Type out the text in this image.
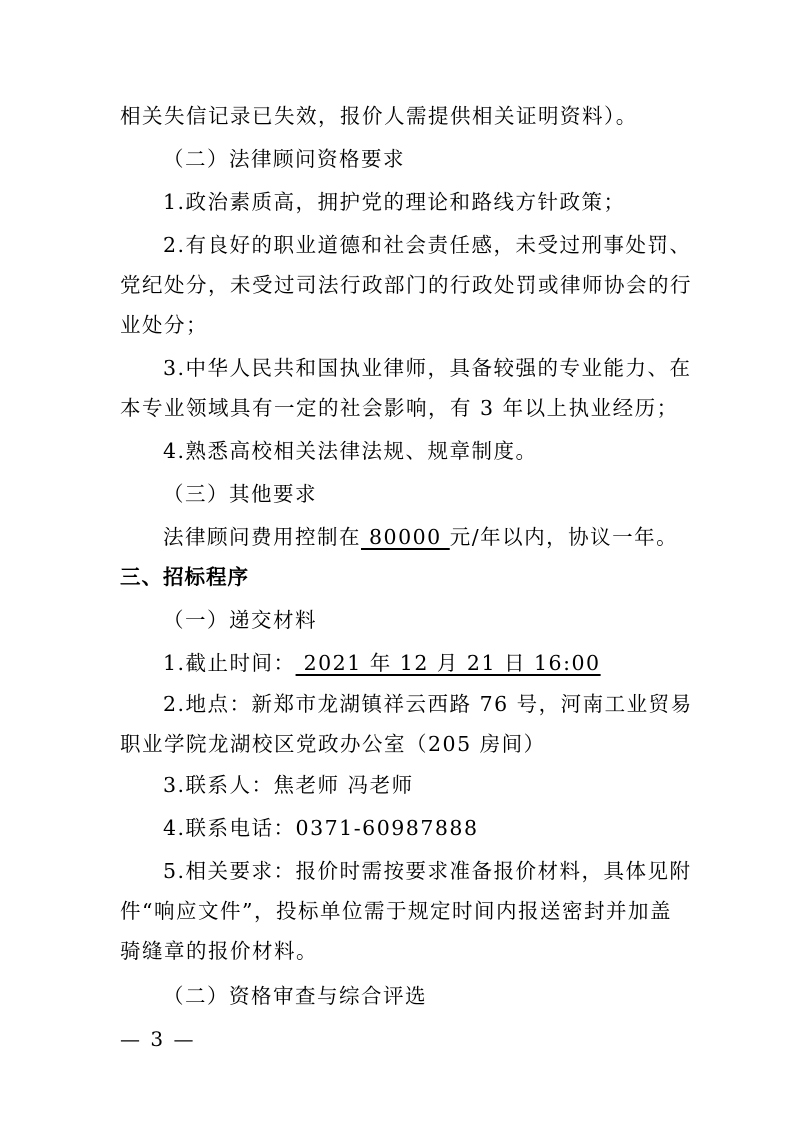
相关失信记录已失效，报价人需提供相关证明资料）。
（二）法律顾问资格要求
1.政治素质高，拥护党的理论和路线方针政策；
2.有良好的职业道德和社会责任感，未受过刑事处罚、
党纪处分，未受过司法行政部门的行政处罚或律师协会的行
业处分；
3.中华人民共和国执业律师，具备较强的专业能力、在
本专业领域具有一定的社会影响，有 3 年以上执业经历；
4.熟悉高校相关法律法规、规章制度。
（三）其他要求
法律顾问费用控制在 80000 元/年以内，协议一年。
三、招标程序
（一）递交材料
1.截止时间： 2021 年 12 月 21 日 16:00
2.地点：新郑市龙湖镇祥云西路 76 号，河南工业贸易
职业学院龙湖校区党政办公室（205 房间）
3.联系人：焦老师 冯老师
4.联系电话：0371-60987888
5.相关要求：报价时需按要求准备报价材料，具体见附
件“响应文件”，投标单位需于规定时间内报送密封并加盖
骑缝章的报价材料。
（二）资格审查与综合评选
— 3 —
